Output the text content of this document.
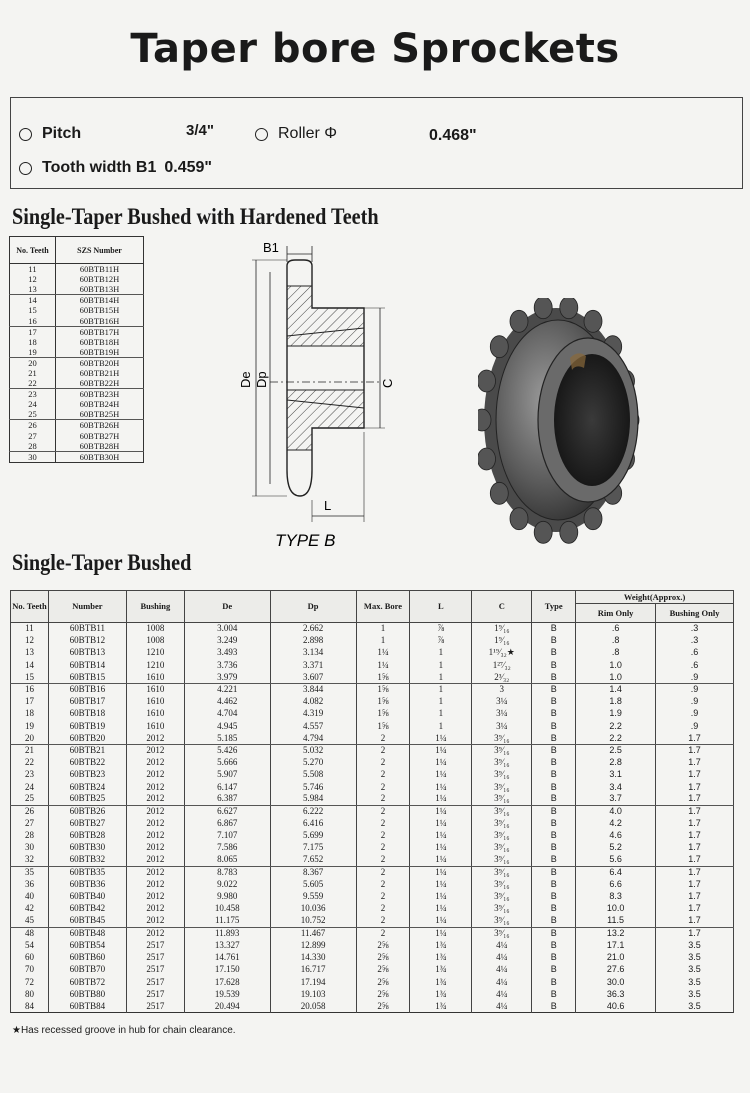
Taper bore Sprockets
Pitch	3/4"	Roller Φ	0.468"
Tooth width B1 0.459"
Single-Taper Bushed with Hardened Teeth
No. Teeth	SZS Number
11	60BTB11H
12	60BTB12H
13	60BTB13H
14	60BTB14H
15	60BTB15H
16	60BTB16H
17	60BTB17H
18	60BTB18H
19	60BTB19H
20	60BTB20H
21	60BTB21H
22	60BTB22H
23	60BTB23H
24	60BTB24H
25	60BTB25H
26	60BTB26H
27	60BTB27H
28	60BTB28H
30	60BTB30H
B1
De Dp	C
L
TYPE B
Single-Taper Bushed
No. Teeth	Number	Bushing	De	Dp	Max. Bore	L	C	Type	Weight(Approx.)	
									Rim Only	Bushing Only
11	60BTB11	1008	3.004	2.662	1	⅞	1⁹⁄₁₆	B	.6	.3
12	60BTB12	1008	3.249	2.898	1	⅞	1⁹⁄₁₆	B	.8	.3
13	60BTB13	1210	3.493	3.134	1¼	1	1¹⁹⁄₃₂★	B	.8	.6
14	60BTB14	1210	3.736	3.371	1¼	1	1²⁷⁄₃₂	B	1.0	.6
15	60BTB15	1610	3.979	3.607	1⅝	1	2³⁄₃₂	B	1.0	.9
16	60BTB16	1610	4.221	3.844	1⅝	1	3	B	1.4	.9
17	60BTB17	1610	4.462	4.082	1⅝	1	3¼	B	1.8	.9
18	60BTB18	1610	4.704	4.319	1⅝	1	3¼	B	1.9	.9
19	60BTB19	1610	4.945	4.557	1⅝	1	3¼	B	2.2	.9
20	60BTB20	2012	5.185	4.794	2	1¼	3⁹⁄₁₆	B	2.2	1.7
21	60BTB21	2012	5.426	5.032	2	1¼	3⁹⁄₁₆	B	2.5	1.7
22	60BTB22	2012	5.666	5.270	2	1¼	3⁹⁄₁₆	B	2.8	1.7
23	60BTB23	2012	5.907	5.508	2	1¼	3⁹⁄₁₆	B	3.1	1.7
24	60BTB24	2012	6.147	5.746	2	1¼	3⁹⁄₁₆	B	3.4	1.7
25	60BTB25	2012	6.387	5.984	2	1¼	3⁹⁄₁₆	B	3.7	1.7
26	60BTB26	2012	6.627	6.222	2	1¼	3⁹⁄₁₆	B	4.0	1.7
27	60BTB27	2012	6.867	6.416	2	1¼	3⁹⁄₁₆	B	4.2	1.7
28	60BTB28	2012	7.107	5.699	2	1¼	3⁹⁄₁₆	B	4.6	1.7
30	60BTB30	2012	7.586	7.175	2	1¼	3⁹⁄₁₆	B	5.2	1.7
32	60BTB32	2012	8.065	7.652	2	1¼	3⁹⁄₁₆	B	5.6	1.7
35	60BTB35	2012	8.783	8.367	2	1¼	3⁹⁄₁₆	B	6.4	1.7
36	60BTB36	2012	9.022	5.605	2	1¼	3⁹⁄₁₆	B	6.6	1.7
40	60BTB40	2012	9.980	9.559	2	1¼	3⁹⁄₁₆	B	8.3	1.7
42	60BTB42	2012	10.458	10.036	2	1¼	3⁹⁄₁₆	B	10.0	1.7
45	60BTB45	2012	11.175	10.752	2	1¼	3⁹⁄₁₆	B	11.5	1.7
48	60BTB48	2012	11.893	11.467	2	1¼	3⁹⁄₁₆	B	13.2	1.7
54	60BTB54	2517	13.327	12.899	2⅝	1¾	4¼	B	17.1	3.5
60	60BTB60	2517	14.761	14.330	2⅝	1¾	4¼	B	21.0	3.5
70	60BTB70	2517	17.150	16.717	2⅝	1¾	4¼	B	27.6	3.5
72	60BTB72	2517	17.628	17.194	2⅝	1¾	4¼	B	30.0	3.5
80	60BTB80	2517	19.539	19.103	2⅝	1¾	4¼	B	36.3	3.5
84	60BTB84	2517	20.494	20.058	2⅝	1¾	4¼	B	40.6	3.5
★Has recessed groove in hub for chain clearance.
